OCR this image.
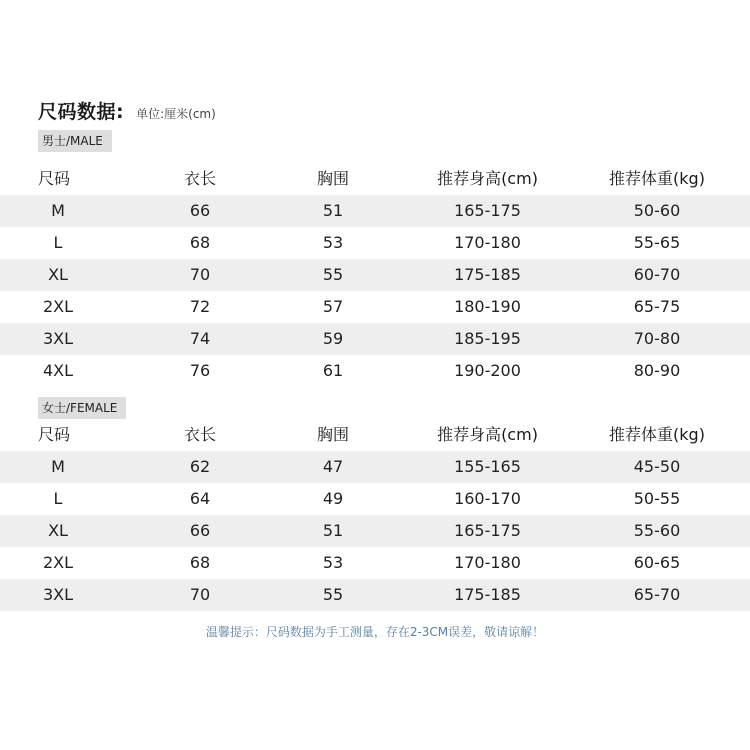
尺码数据: 单位:厘米(cm)
男士/MALE
尺码	衣长	胸围	推荐身高(cm)	推荐体重(kg)
M	66	51	165-175	50-60
L	68	53	170-180	55-65
XL	70	55	175-185	60-70
2XL	72	57	180-190	65-75
3XL	74	59	185-195	70-80
4XL	76	61	190-200	80-90
女士/FEMALE
尺码	衣长	胸围	推荐身高(cm)	推荐体重(kg)
M	62	47	155-165	45-50
L	64	49	160-170	50-55
XL	66	51	165-175	55-60
2XL	68	53	170-180	60-65
3XL	70	55	175-185	65-70
温馨提示：尺码数据为手工测量，存在2-3CM误差，敬请谅解！
